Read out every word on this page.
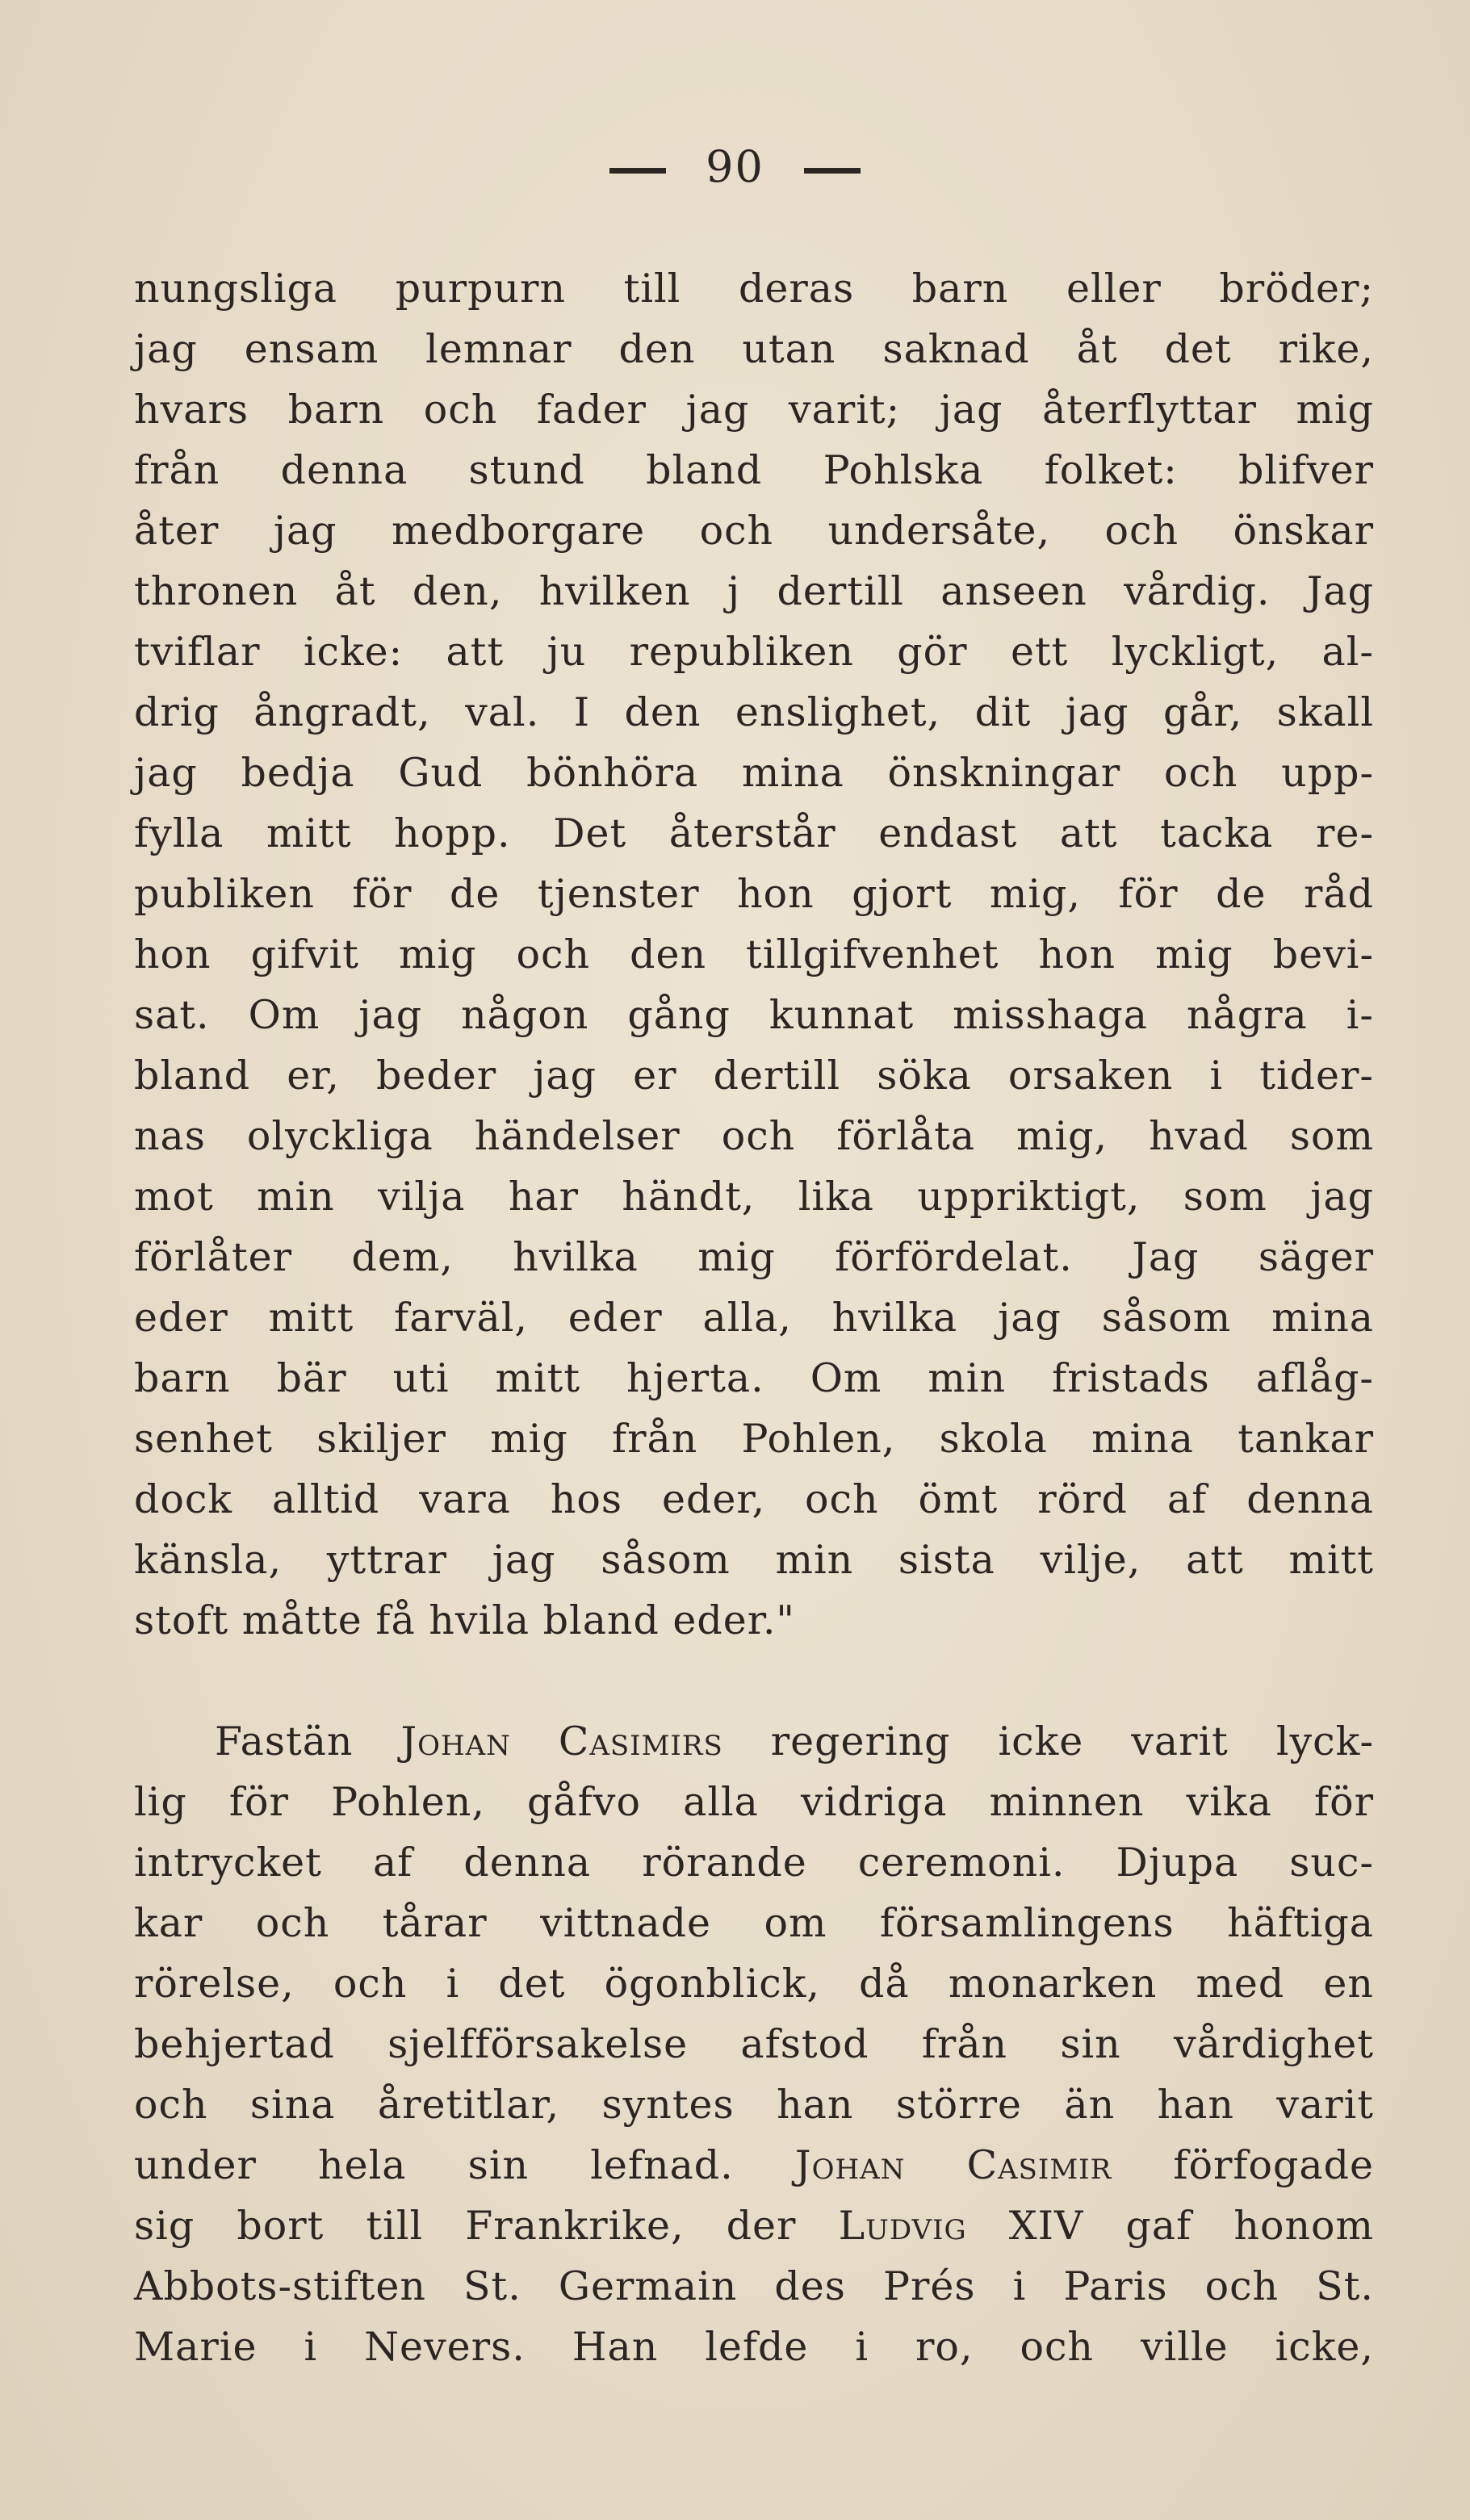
90
nungsliga purpurn till deras barn eller bröder;
jag ensam lemnar den utan saknad åt det rike,
hvars barn och fader jag varit; jag återflyttar mig
från denna stund bland Pohlska folket: blifver
åter jag medborgare och undersåte, och önskar
thronen åt den, hvilken j dertill anseen vårdig. Jag
tviflar icke: att ju republiken gör ett lyckligt, al-
drig ångradt, val. I den enslighet, dit jag går, skall
jag bedja Gud bönhöra mina önskningar och upp-
fylla mitt hopp. Det återstår endast att tacka re-
publiken för de tjenster hon gjort mig, för de råd
hon gifvit mig och den tillgifvenhet hon mig bevi-
sat. Om jag någon gång kunnat misshaga några i-
bland er, beder jag er dertill söka orsaken i tider-
nas olyckliga händelser och förlåta mig, hvad som
mot min vilja har händt, lika uppriktigt, som jag
förlåter dem, hvilka mig förfördelat. Jag säger
eder mitt farväl, eder alla, hvilka jag såsom mina
barn bär uti mitt hjerta. Om min fristads aflåg-
senhet skiljer mig från Pohlen, skola mina tankar
dock alltid vara hos eder, och ömt rörd af denna
känsla, yttrar jag såsom min sista vilje, att mitt
stoft måtte få hvila bland eder."
Fastän Johan Casimirs regering icke varit lyck-
lig för Pohlen, gåfvo alla vidriga minnen vika för
intrycket af denna rörande ceremoni. Djupa suc-
kar och tårar vittnade om församlingens häftiga
rörelse, och i det ögonblick, då monarken med en
behjertad sjelfförsakelse afstod från sin vårdighet
och sina åretitlar, syntes han större än han varit
under hela sin lefnad. Johan Casimir förfogade
sig bort till Frankrike, der Ludvig XIV gaf honom
Abbots-stiften St. Germain des Prés i Paris och St.
Marie i Nevers. Han lefde i ro, och ville icke,
